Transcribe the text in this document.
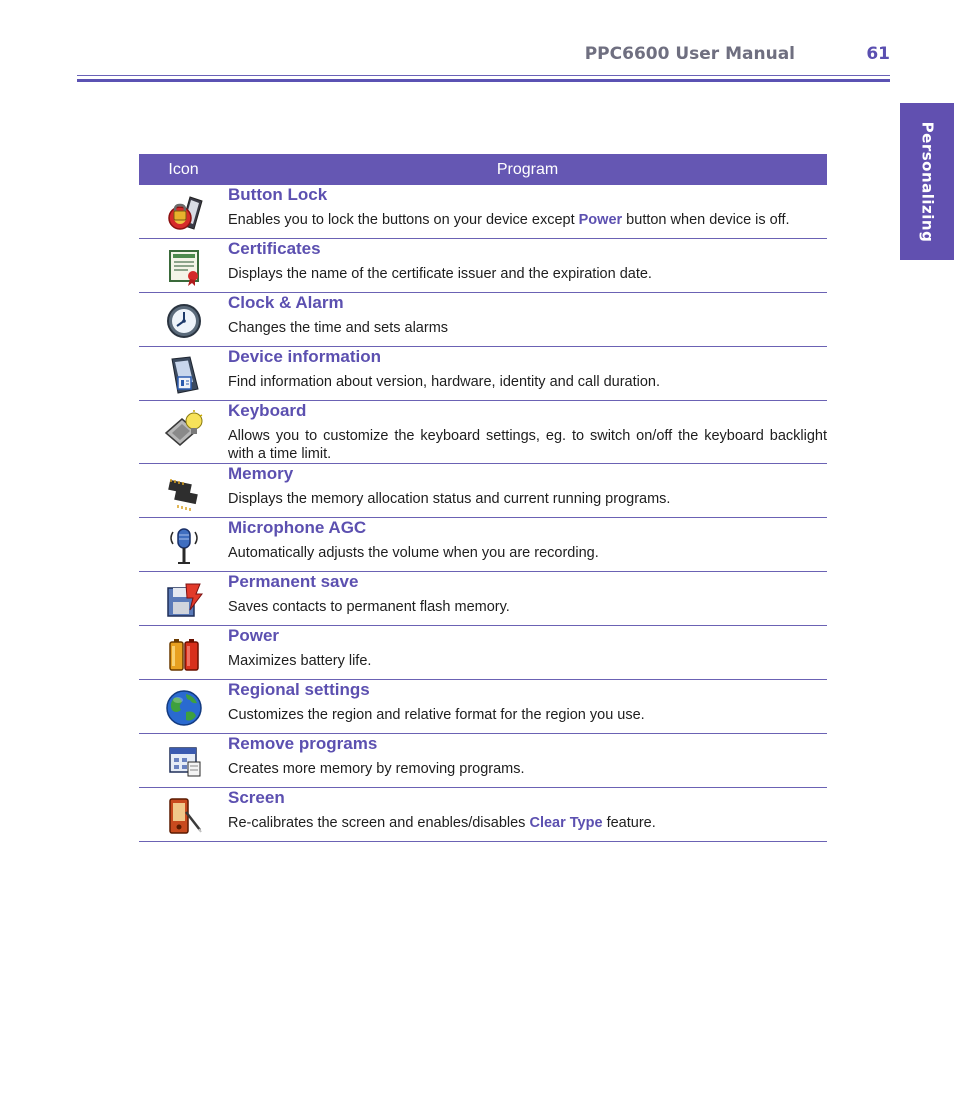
PPC6600 User Manual	61
Personalizing
Icon	Program

Button Lock
Enables you to lock the buttons on your device except Power button when device is off.

Certificates
Displays the name of the certificate issuer and the expiration date.

Clock & Alarm
Changes the time and sets alarms

Device information
Find information about version, hardware, identity and call duration.

Keyboard
Allows you to customize the keyboard settings, eg. to switch on/off the keyboard backlight with a time limit.

Memory
Displays the memory allocation status and current running programs.

Microphone AGC
Automatically adjusts the volume when you are recording.

Permanent save
Saves contacts to permanent flash memory.

Power
Maximizes battery life.

Regional settings
Customizes the region and relative format for the region you use.

Remove programs
Creates more memory by removing programs.

Screen
Re-calibrates the screen and enables/disables Clear Type feature.
